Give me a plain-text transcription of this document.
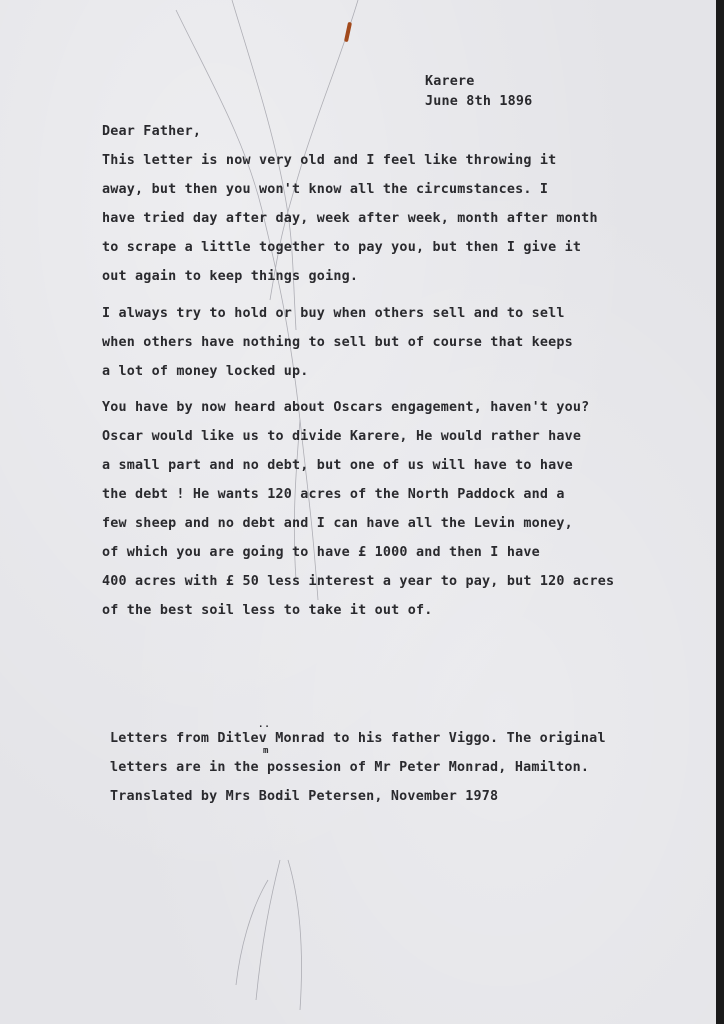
Karere
June 8th 1896
Dear Father,
This letter is now very old and I feel like throwing it
away, but then you won't know all the circumstances. I
have tried day after day, week after week, month after month
to scrape a little together to pay you, but then I give it
out again to keep things going.
I always try to hold or buy when others sell and to sell
when others have nothing to sell but of course that keeps
a lot of money locked up.
You have by now heard about Oscars engagement, haven't you?
Oscar would like us to divide Karere, He would rather have
a small part and no debt, but one of us will have to have
the debt ! He wants 120 acres of the North Paddock and a
few sheep and no debt and I can have all the Levin money,
of which you are going to have £ 1000 and then I have
400 acres with £ 50 less interest a year to pay, but 120 acres
of the best soil less to take it out of.
..
Letters from Ditlev Monrad to his father Viggo. The original
m
letters are in the possesion of Mr Peter Monrad, Hamilton.
Translated by Mrs Bodil Petersen, November 1978
